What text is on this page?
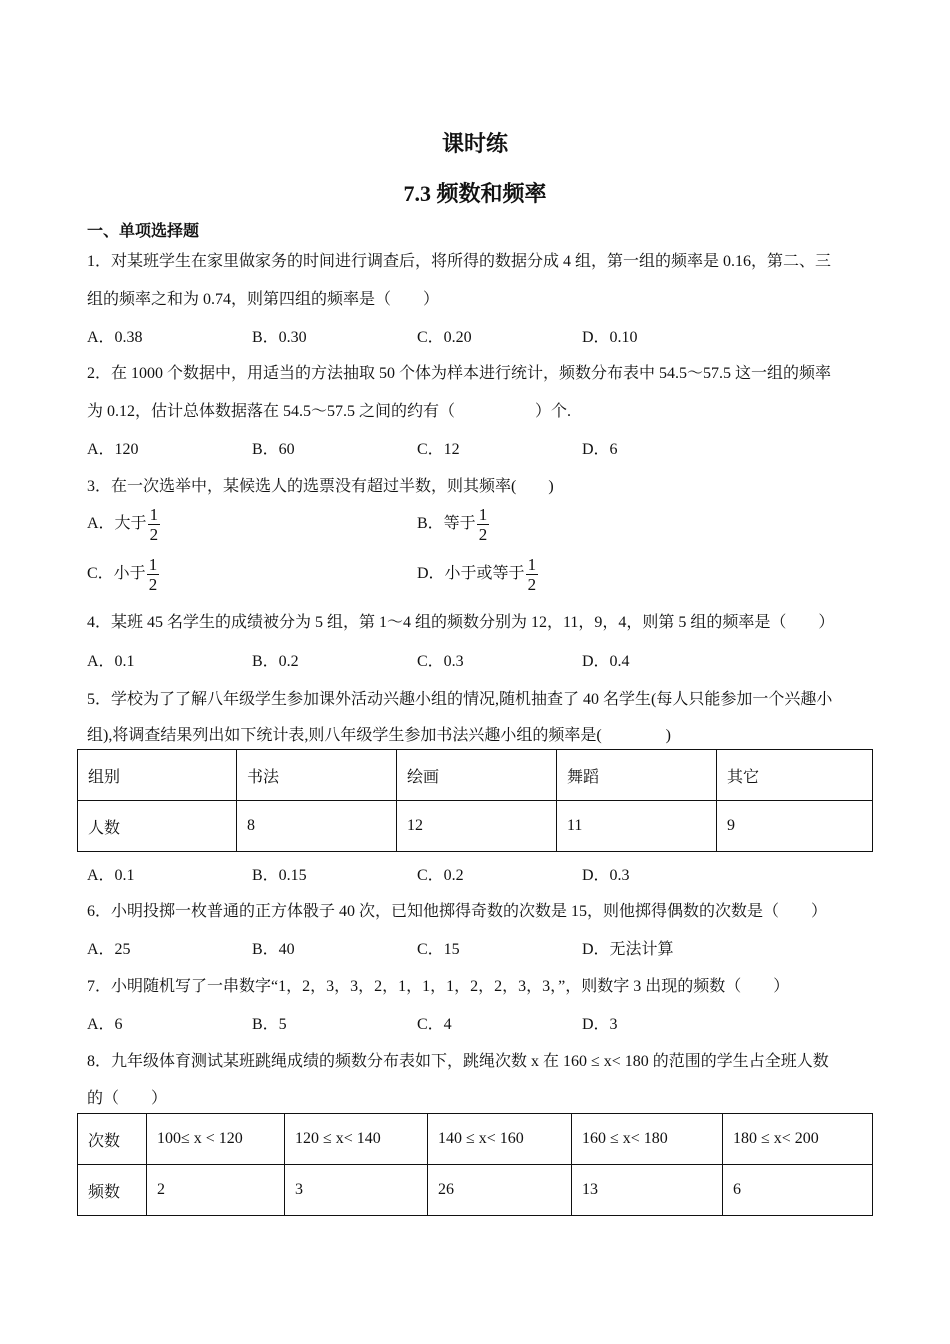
课时练
7.3 频数和频率
一、单项选择题
1．对某班学生在家里做家务的时间进行调查后，将所得的数据分成 4 组，第一组的频率是 0.16，第二、三
组的频率之和为 0.74，则第四组的频率是（　　）
A．0.38	B．0.30	C．0.20	D．0.10
2．在 1000 个数据中，用适当的方法抽取 50 个体为样本进行统计，频数分布表中 54.5～57.5 这一组的频率
为 0.12，估计总体数据落在 54.5～57.5 之间的约有（　　　　　）个.
A．120	B．60	C．12	D．6
3．在一次选举中，某候选人的选票没有超过半数，则其频率(　　)
A．大于 $\frac{1}{2}$	B．等于 $\frac{1}{2}$
C．小于 $\frac{1}{2}$	D．小于或等于 $\frac{1}{2}$
4．某班 45 名学生的成绩被分为 5 组，第 1～4 组的频数分别为 12，11，9，4，则第 5 组的频率是（　　）
A．0.1	B．0.2	C．0.3	D．0.4
5．学校为了了解八年级学生参加课外活动兴趣小组的情况,随机抽查了 40 名学生(每人只能参加一个兴趣小
组),将调查结果列出如下统计表,则八年级学生参加书法兴趣小组的频率是(　　　　)
组别	书法	绘画	舞蹈	其它
人数	8	12	11	9
A．0.1	B．0.15	C．0.2	D．0.3
6．小明投掷一枚普通的正方体骰子 40 次，已知他掷得奇数的次数是 15，则他掷得偶数的次数是（　　）
A．25	B．40	C．15	D．无法计算
7．小明随机写了一串数字“1，2，3，3，2，1，1，1，2，2，3，3，”，则数字 3 出现的频数（　　）
A．6	B．5	C．4	D．3
8．九年级体育测试某班跳绳成绩的频数分布表如下，跳绳次数 x 在 160 ≤ x< 180 的范围的学生占全班人数
的（　　）
次数	100≤ x < 120	120 ≤ x< 140	140 ≤ x< 160	160 ≤ x< 180	180 ≤ x< 200
频数	2	3	26	13	6
